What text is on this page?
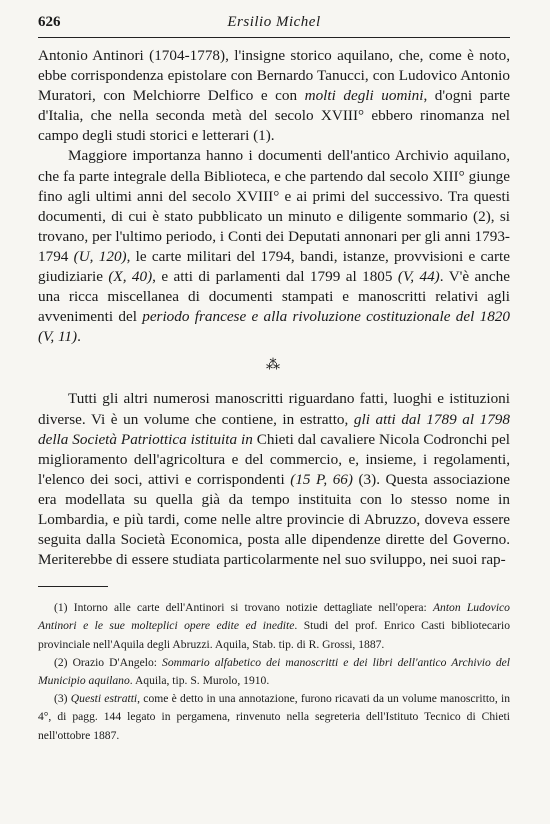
626	Ersilio Michel

Antonio Antinori (1704-1778), l'insigne storico aquilano, che, come è noto, ebbe corrispondenza epistolare con Bernardo Tanucci, con Ludovico Antonio Muratori, con Melchiorre Delfico e con molti degli uomini, d'ogni parte d'Italia, che nella seconda metà del secolo XVIII° ebbero rinomanza nel campo degli studi storici e letterari (1).

Maggiore importanza hanno i documenti dell'antico Archivio aquilano, che fa parte integrale della Biblioteca, e che partendo dal secolo XIII° giunge fino agli ultimi anni del secolo XVIII° e ai primi del successivo. Tra questi documenti, di cui è stato pubblicato un minuto e diligente sommario (2), si trovano, per l'ultimo periodo, i Conti dei Deputati annonari per gli anni 1793-1794 (U, 120), le carte militari del 1794, bandi, istanze, provvisioni e carte giudiziarie (X, 40), e atti di parlamenti dal 1799 al 1805 (V, 44). V'è anche una ricca miscellanea di documenti stampati e manoscritti relativi agli avvenimenti del periodo francese e alla rivoluzione costituzionale del 1820 (V, 11).

⁂

Tutti gli altri numerosi manoscritti riguardano fatti, luoghi e istituzioni diverse. Vi è un volume che contiene, in estratto, gli atti dal 1789 al 1798 della Società Patriottica istituita in Chieti dal cavaliere Nicola Codronchi pel miglioramento dell'agricoltura e del commercio, e, insieme, i regolamenti, l'elenco dei soci, attivi e corrispondenti (15 P, 66) (3). Questa associazione era modellata su quella già da tempo instituita con lo stesso nome in Lombardia, e più tardi, come nelle altre provincie di Abruzzo, doveva essere seguita dalla Società Economica, posta alle dipendenze dirette del Governo. Meriterebbe di essere studiata particolarmente nel suo sviluppo, nei suoi rap-

(1) Intorno alle carte dell'Antinori si trovano notizie dettagliate nell'opera: Anton Ludovico Antinori e le sue molteplici opere edite ed inedite. Studi del prof. Enrico Casti bibliotecario provinciale nell'Aquila degli Abruzzi. Aquila, Stab. tip. di R. Grossi, 1887.

(2) Orazio D'Angelo: Sommario alfabetico dei manoscritti e dei libri dell'antico Archivio del Municipio aquilano. Aquila, tip. S. Murolo, 1910.

(3) Questi estratti, come è detto in una annotazione, furono ricavati da un volume manoscritto, in 4°, di pagg. 144 legato in pergamena, rinvenuto nella segreteria dell'Istituto Tecnico di Chieti nell'ottobre 1887.
